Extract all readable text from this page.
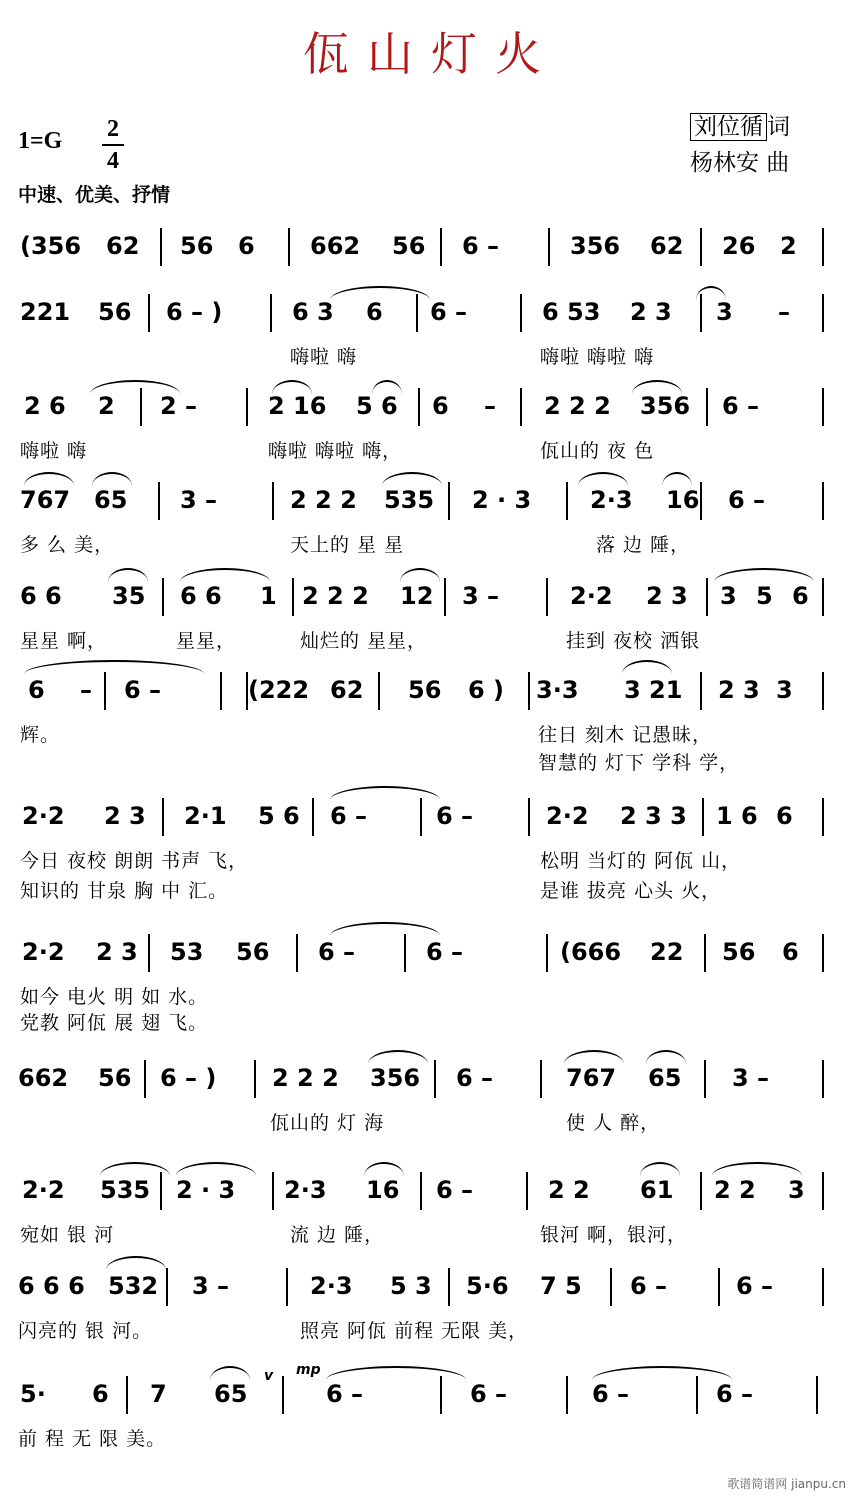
佤山灯火
1=G 2
4
中速、优美、抒情
刘位循 词
杨林安 曲
(356 62 56 6 662 56 6 –	356 62 26 2
221 56 6 – )	6 3 6 6 –	6 53 2 3 3 –
嗨啦 嗨	嗨啦 嗨啦 嗨
2 6 2 2 –	2 16 5 6 6 – 2 2 2 356 6 –
嗨啦 嗨	嗨啦 嗨啦 嗨，	佤山的 夜 色
767 65 3 –	2 2 2 535 2 · 3 2·3 16 6 –
多 么 美，	天上的 星 星	落 边 陲，
6 6 35 6 6 1 2 2 2 12 3 –	2·2 2 3 3 5 6
星星 啊，	星星，	灿烂的 星星，	挂到 夜校 洒银
6 – 6 –	(222 62 56 6 ) 3·3 3 21 2 3 3
辉。	往日 刻木 记愚昧，
2·2 2 3 2·1 5 6 6 –	6 –	2·2 2 3 3 1 6 6
今日 夜校 朗朗 书声 飞，	松明 当灯的 阿佤 山，
2·2 2 3 53 56 6 –	6 –	(666 22 56 6
如今 电火 明 如 水。
662 56 6 – ) 2 2 2 356 6 –	767 65 3 –
佤山的 灯 海	使 人 醉，
2·2 535 2 · 3 2·3 16 6 –	2 2 61 2 2 3
宛如 银 河	流 边 陲，	银河 啊，银河，
6 6 6 532 3 –	2·3 5 3 5·6 7 5 6 –	6 –
闪亮的 银 河。	照亮 阿佤 前程 无限 美，
5· 6 7 65	6 –	6 –	6 –	6 –
前 程 无 限 美。
智慧的 灯下 学科 学，
知识的 甘泉 胸 中 汇。	是谁 拔亮 心头 火，
党教 阿佤 展 翅 飞。
ⅴ mp
歌谱简谱网 jianpu.cn
